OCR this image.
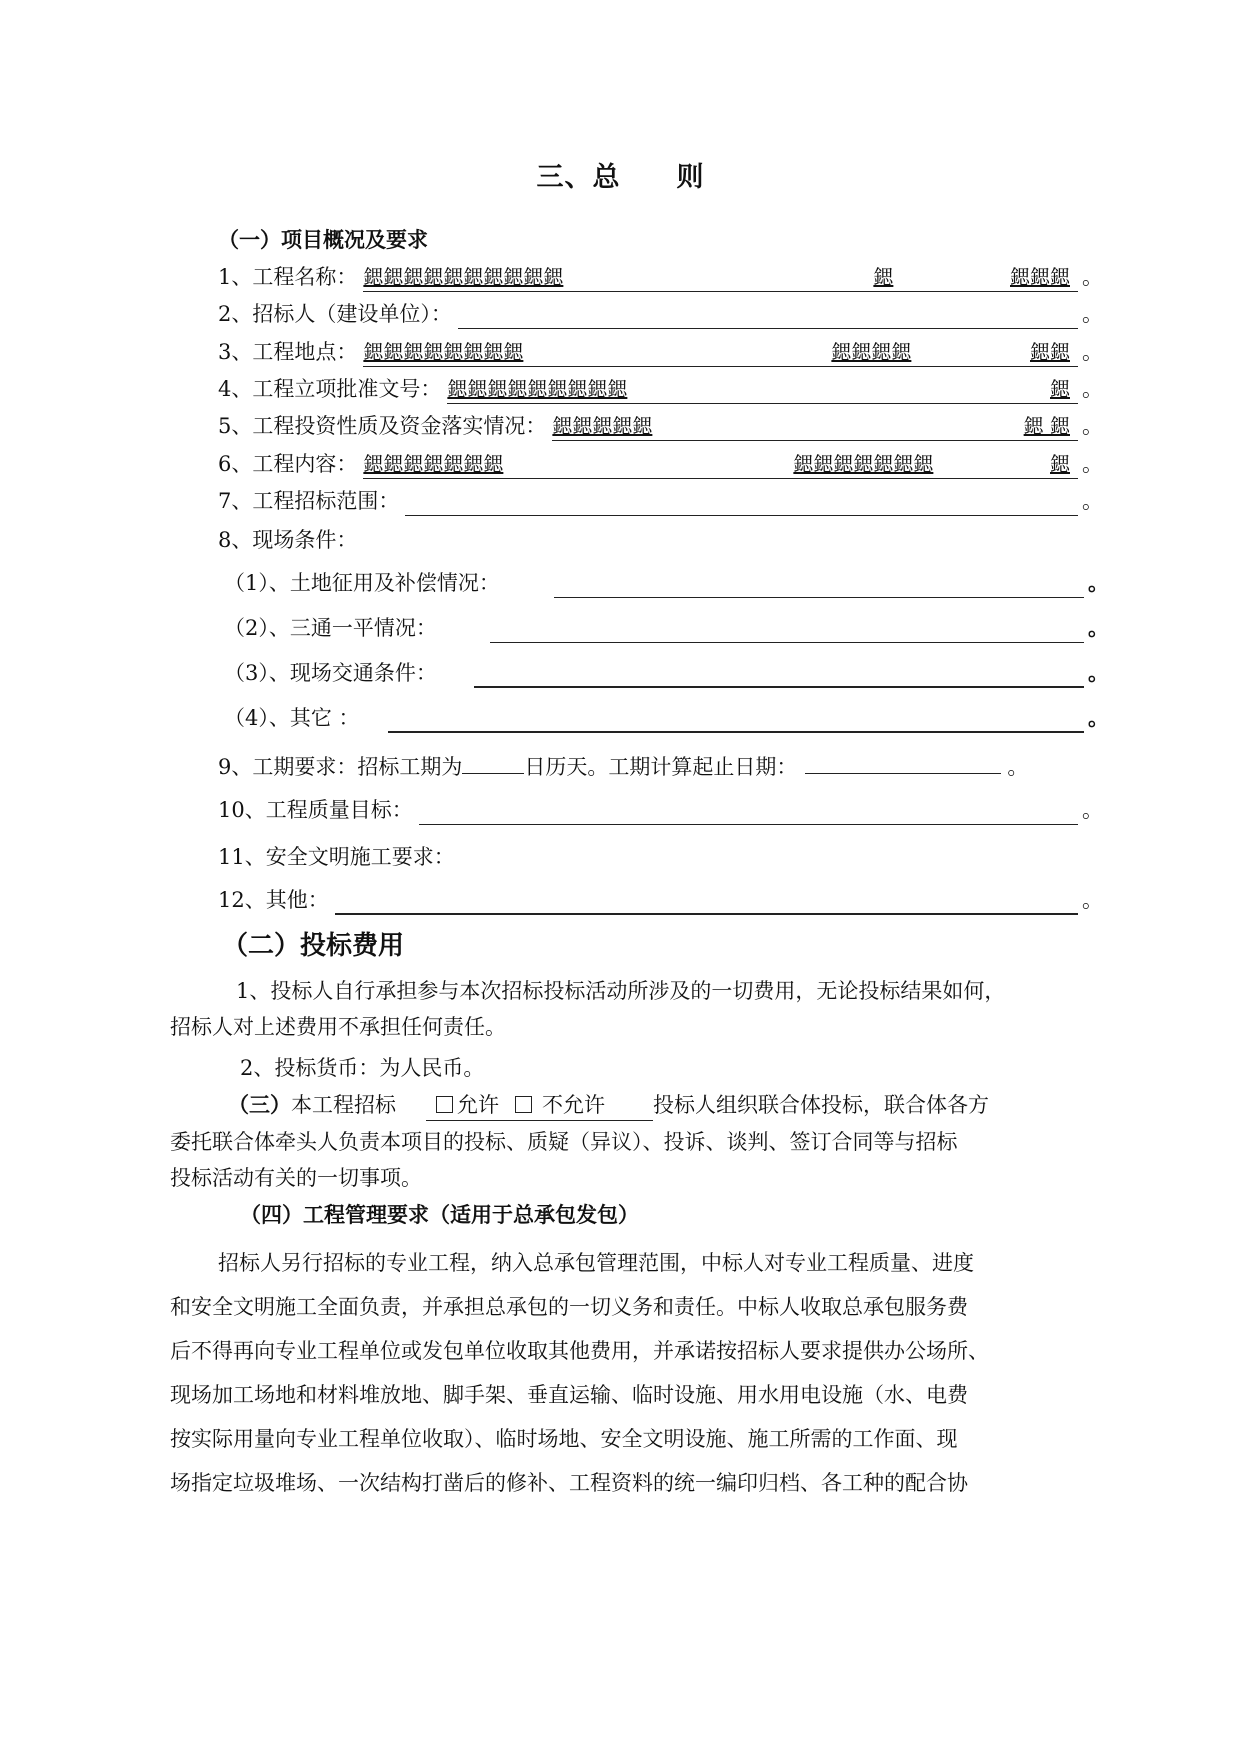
三、总　　则
（一）项目概况及要求
1、工程名称： 鍶鍶鍶鍶鍶鍶鍶鍶鍶鍶	鍶	鍶鍶鍶 。
2、招标人（建设单位）：	。
3、工程地点： 鍶鍶鍶鍶鍶鍶鍶鍶	鍶鍶鍶鍶	鍶鍶 。
4、工程立项批准文号： 鍶鍶鍶鍶鍶鍶鍶鍶鍶	鍶 。
5、工程投资性质及资金落实情况： 鍶鍶鍶鍶鍶	鍶 鍶 。
6、工程内容： 鍶鍶鍶鍶鍶鍶鍶	鍶鍶鍶鍶鍶鍶鍶	鍶 。
7、工程招标范围：	。
8、现场条件：
（1）、土地征用及补偿情况：	。
（2）、三通一平情况：	。
（3）、现场交通条件：	。
（4）、其它 ：	。
9、工期要求：招标工期为	日历天。工期计算起止日期：	。
10、工程质量目标：	。
11、安全文明施工要求：
12、其他：	。
（二）投标费用
1、投标人自行承担参与本次招标投标活动所涉及的一切费用，无论投标结果如何，
招标人对上述费用不承担任何责任。
2、投标货币：为人民币。
（三）本工程招标	允许 不允许 投标人组织联合体投标，联合体各方
委托联合体牵头人负责本项目的投标、质疑（异议）、投诉、谈判、签订合同等与招标
投标活动有关的一切事项。
（四）工程管理要求（适用于总承包发包）
招标人另行招标的专业工程，纳入总承包管理范围，中标人对专业工程质量、进度
和安全文明施工全面负责，并承担总承包的一切义务和责任。中标人收取总承包服务费
后不得再向专业工程单位或发包单位收取其他费用，并承诺按招标人要求提供办公场所、
现场加工场地和材料堆放地、脚手架、垂直运输、临时设施、用水用电设施（水、电费
按实际用量向专业工程单位收取）、临时场地、安全文明设施、施工所需的工作面、现
场指定垃圾堆场、一次结构打凿后的修补、工程资料的统一编印归档、各工种的配合协
